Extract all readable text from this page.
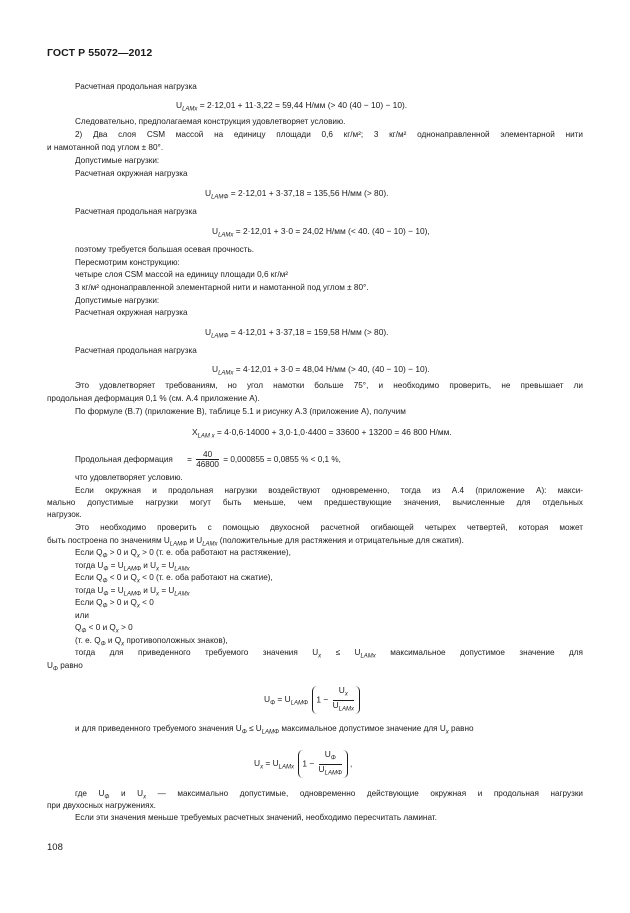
ГОСТ Р 55072—2012
Расчетная продольная нагрузка
$U_{LAMx} = 2\cdot 12,01 + 11\cdot 3,22 = 59,44$ Н/мм (> 40 (40 − 10) − 10).
Следовательно, предполагаемая конструкция удовлетворяет условию.
2) Два слоя CSM массой на единицу площади 0,6 кг/м²; 3 кг/м² однонаправленной элементарной нити
и намотанной под углом ± 80°.
Допустимые нагрузки:
Расчетная окружная нагрузка
$U_{LAM\Phi} = 2\cdot 12,01 + 3\cdot 37,18 = 135,56$ Н/мм (> 80).
Расчетная продольная нагрузка
$U_{LAMx} = 2\cdot 12,01 + 3\cdot 0 = 24,02$ Н/мм (< 40. (40 − 10) − 10),
поэтому требуется большая осевая прочность.
Пересмотрим конструкцию:
четыре слоя CSM массой на единицу площади 0,6 кг/м²
3 кг/м² однонаправленной элементарной нити и намотанной под углом ± 80°.
Допустимые нагрузки:
Расчетная окружная нагрузка
$U_{LAM\Phi} = 4\cdot 12,01 + 3\cdot 37,18 = 159,58$ Н/мм (> 80).
Расчетная продольная нагрузка
$U_{LAMx} = 4\cdot 12,01 + 3\cdot 0 = 48,04$ Н/мм (> 40, (40 − 10) − 10).
Это удовлетворяет требованиям, но угол намотки больше 75°, и необходимо проверить, не превышает ли
продольная деформация 0,1 % (см. А.4 приложение А).
По формуле (В.7) (приложение В), таблице 5.1 и рисунку А.3 (приложение А), получим
$X_{LAM x} = 4\cdot 0,6\cdot 14000 + 3,0\cdot 1,0\cdot 4400 = 33600 + 13200 = 46$ 800 Н/мм.
Продольная деформация = $\frac{40}{46800} = 0,000855 = 0,0855$ % < 0,1 %,
что удовлетворяет условию.
Если окружная и продольная нагрузки воздействуют одновременно, тогда из А.4 (приложение А): макси-
мально допустимые нагрузки могут быть меньше, чем предшествующие значения, вычисленные для отдельных
нагрузок.
Это необходимо проверить с помощью двухосной расчетной огибающей четырех четвертей, которая может
быть построена по значениям $U_{LAM\Phi}$ и $U_{LAMx}$ (положительные для растяжения и отрицательные для сжатия).
Если $Q_\Phi > 0$ и $Q_x > 0$ (т. е. оба работают на растяжение),
тогда $U_\Phi = U_{LAM\Phi}$ и $U_x = U_{LAMx}$
Если $Q_\Phi < 0$ и $Q_x < 0$ (т. е. оба работают на сжатие),
тогда $U_\Phi = U_{LAM\Phi}$ и $U_x = U_{LAMx}$
Если $Q_\Phi > 0$ и $Q_x < 0$
или
$Q_\Phi < 0$ и $Q_x > 0$
(т. е. $Q_\Phi$ и $Q_x$ противоположных знаков),
тогда для приведенного требуемого значения $U_x \le U_{LAMx}$ максимальное допустимое значение для
$U_\Phi$ равно
$U_\Phi = U_{LAM\Phi}$ $1 - \frac{U_x}{U_{LAMx}}$
и для приведенного требуемого значения $U_\Phi \le U_{LAM\Phi}$ максимальное допустимое значение для $U_x$ равно
$U_x = U_{LAMx}$ $1 - \frac{U_\Phi}{U_{LAM\Phi}}$ ,
где $U_\Phi$ и $U_x$ — максимально допустимые, одновременно действующие окружная и продольная нагрузки
при двухосных нагружениях.
Если эти значения меньше требуемых расчетных значений, необходимо пересчитать ламинат.
108
